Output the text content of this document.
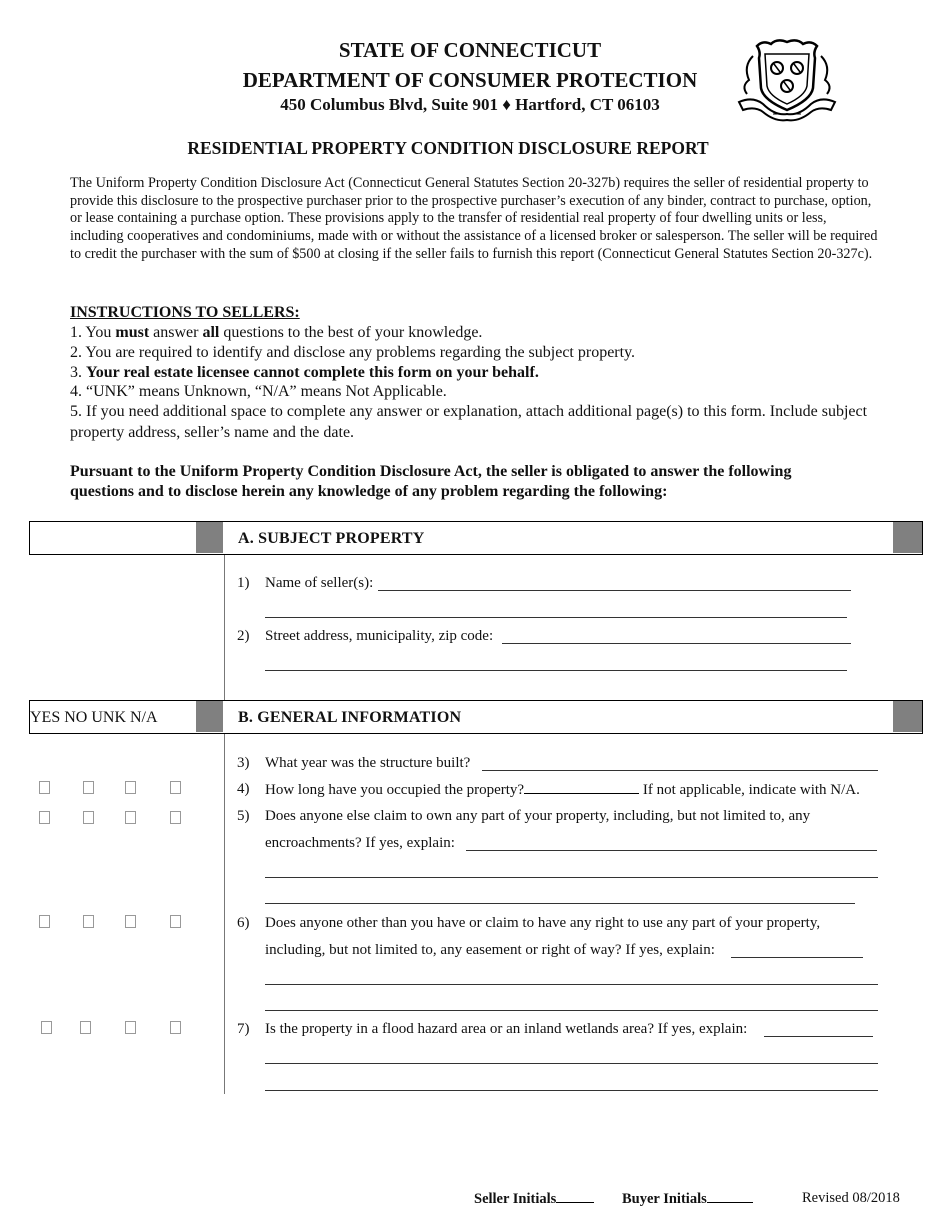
STATE OF CONNECTICUT
DEPARTMENT OF CONSUMER PROTECTION
450 Columbus Blvd, Suite 901 ♦ Hartford, CT 06103
RESIDENTIAL PROPERTY CONDITION DISCLOSURE REPORT
The Uniform Property Condition Disclosure Act (Connecticut General Statutes Section 20-327b) requires the seller of residential property to provide this disclosure to the prospective purchaser prior to the prospective purchaser’s execution of any binder, contract to purchase, option, or lease containing a purchase option. These provisions apply to the transfer of residential real property of four dwelling units or less, including cooperatives and condominiums, made with or without the assistance of a licensed broker or salesperson. The seller will be required to credit the purchaser with the sum of $500 at closing if the seller fails to furnish this report (Connecticut General Statutes Section 20-327c).
INSTRUCTIONS TO SELLERS:
1. You must answer all questions to the best of your knowledge.
2. You are required to identify and disclose any problems regarding the subject property.
3. Your real estate licensee cannot complete this form on your behalf.
4. “UNK” means Unknown, “N/A” means Not Applicable.
5. If you need additional space to complete any answer or explanation, attach additional page(s) to this form. Include subject property address, seller’s name and the date.
Pursuant to the Uniform Property Condition Disclosure Act, the seller is obligated to answer the following questions and to disclose herein any knowledge of any problem regarding the following:
A. SUBJECT PROPERTY
1) Name of seller(s):
2) Street address, municipality, zip code:
YES NO UNK N/A	B. GENERAL INFORMATION
3) What year was the structure built?
4) How long have you occupied the property?	If not applicable, indicate with N/A.
5) Does anyone else claim to own any part of your property, including, but not limited to, any
encroachments? If yes, explain:
6) Does anyone other than you have or claim to have any right to use any part of your property,
including, but not limited to, any easement or right of way? If yes, explain:
7) Is the property in a flood hazard area or an inland wetlands area? If yes, explain:
Seller Initials	Buyer Initials	Revised 08/2018
